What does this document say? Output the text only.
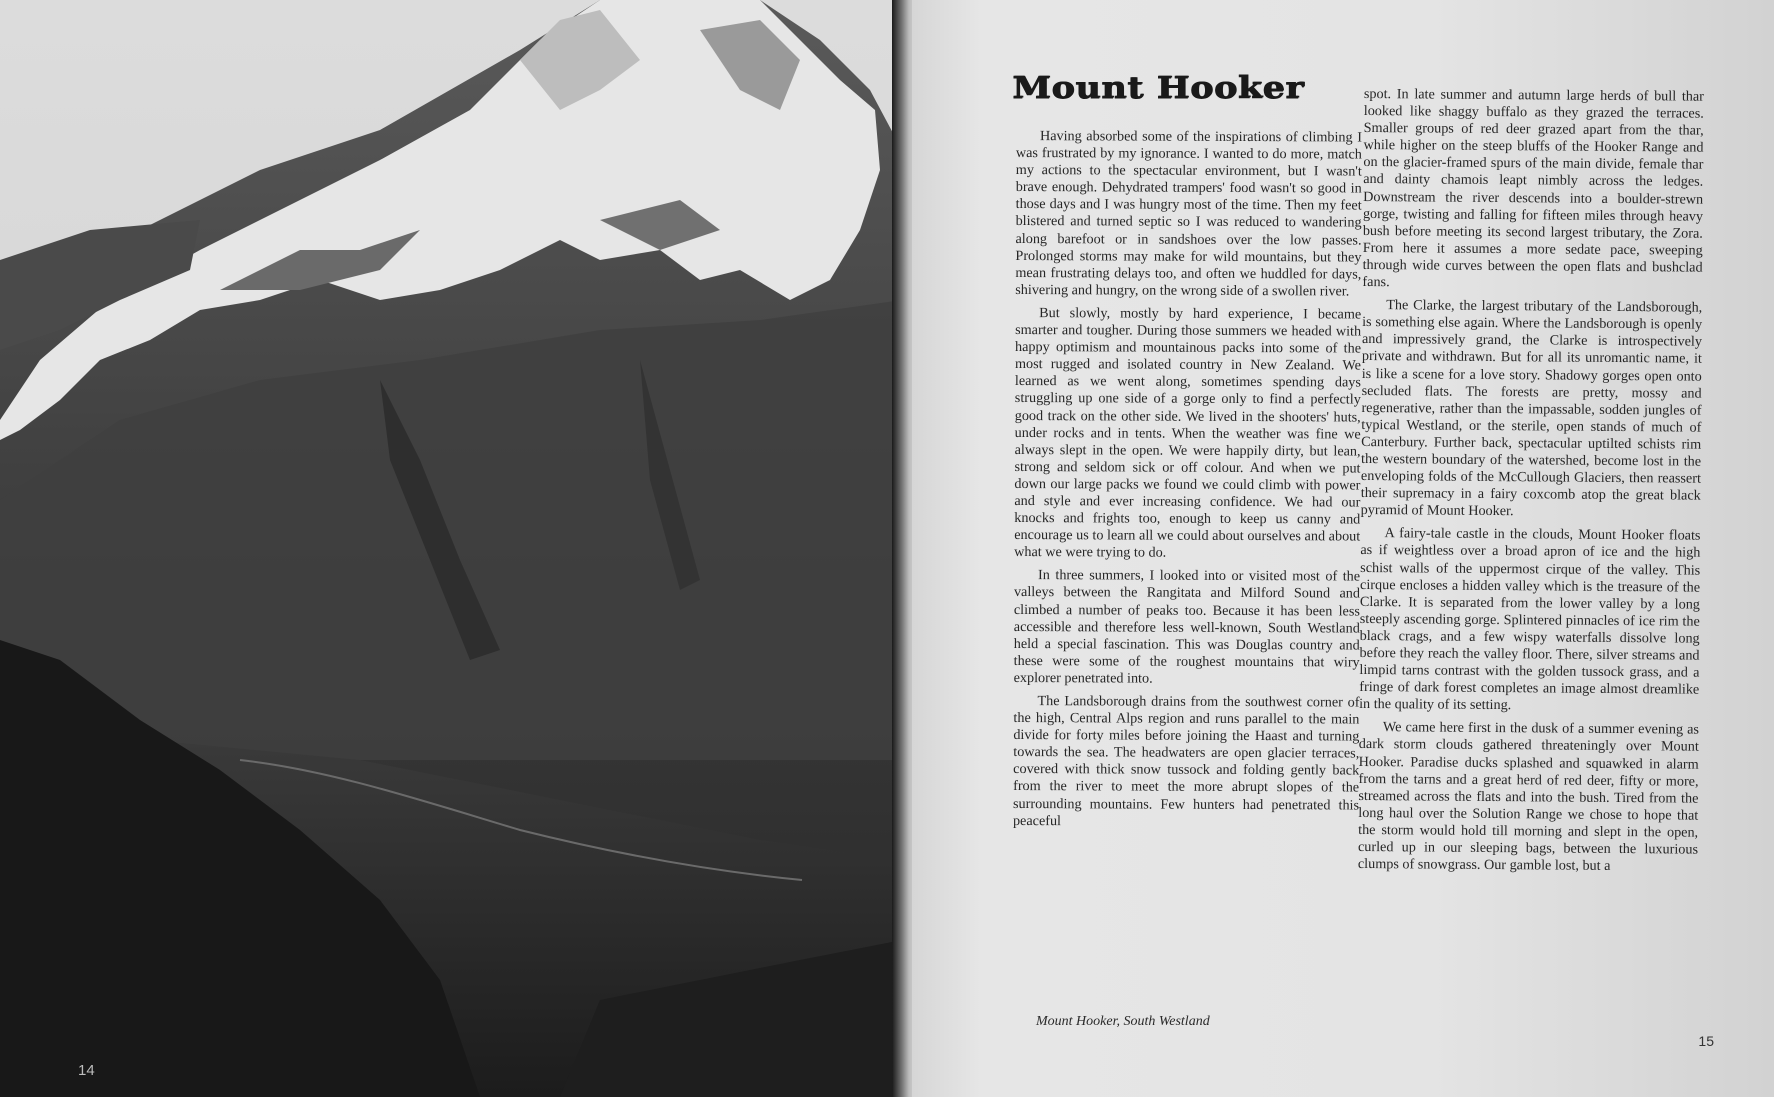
14
Mount Hooker

Having absorbed some of the inspirations of climbing I was frustrated by my ignorance. I wanted to do more, match my actions to the spectacular environment, but I wasn't brave enough. Dehydrated trampers' food wasn't so good in those days and I was hungry most of the time. Then my feet blistered and turned septic so I was reduced to wandering along barefoot or in sandshoes over the low passes. Prolonged storms may make for wild mountains, but they mean frustrating delays too, and often we huddled for days, shivering and hungry, on the wrong side of a swollen river.

But slowly, mostly by hard experience, I became smarter and tougher. During those summers we headed with happy optimism and mountainous packs into some of the most rugged and isolated country in New Zealand. We learned as we went along, sometimes spending days struggling up one side of a gorge only to find a perfectly good track on the other side. We lived in the shooters' huts, under rocks and in tents. When the weather was fine we always slept in the open. We were happily dirty, but lean, strong and seldom sick or off colour. And when we put down our large packs we found we could climb with power and style and ever increasing confidence. We had our knocks and frights too, enough to keep us canny and encourage us to learn all we could about ourselves and about what we were trying to do.

In three summers, I looked into or visited most of the valleys between the Rangitata and Milford Sound and climbed a number of peaks too. Because it has been less accessible and therefore less well-known, South Westland held a special fascination. This was Douglas country and these were some of the roughest mountains that wiry explorer penetrated into.

The Landsborough drains from the southwest corner of the high, Central Alps region and runs parallel to the main divide for forty miles before joining the Haast and turning towards the sea. The headwaters are open glacier terraces, covered with thick snow tussock and folding gently back from the river to meet the more abrupt slopes of the surrounding mountains. Few hunters had penetrated this peaceful

spot. In late summer and autumn large herds of bull thar looked like shaggy buffalo as they grazed the terraces. Smaller groups of red deer grazed apart from the thar, while higher on the steep bluffs of the Hooker Range and on the glacier-framed spurs of the main divide, female thar and dainty chamois leapt nimbly across the ledges. Downstream the river descends into a boulder-strewn gorge, twisting and falling for fifteen miles through heavy bush before meeting its second largest tributary, the Zora. From here it assumes a more sedate pace, sweeping through wide curves between the open flats and bushclad fans.

The Clarke, the largest tributary of the Landsborough, is something else again. Where the Landsborough is openly and impressively grand, the Clarke is introspectively private and withdrawn. But for all its unromantic name, it is like a scene for a love story. Shadowy gorges open onto secluded flats. The forests are pretty, mossy and regenerative, rather than the impassable, sodden jungles of typical Westland, or the sterile, open stands of much of Canterbury. Further back, spectacular uptilted schists rim the western boundary of the watershed, become lost in the enveloping folds of the McCullough Glaciers, then reassert their supremacy in a fairy coxcomb atop the great black pyramid of Mount Hooker.

A fairy-tale castle in the clouds, Mount Hooker floats as if weightless over a broad apron of ice and the high schist walls of the uppermost cirque of the valley. This cirque encloses a hidden valley which is the treasure of the Clarke. It is separated from the lower valley by a long steeply ascending gorge. Splintered pinnacles of ice rim the black crags, and a few wispy waterfalls dissolve long before they reach the valley floor. There, silver streams and limpid tarns contrast with the golden tussock grass, and a fringe of dark forest completes an image almost dreamlike in the quality of its setting.

We came here first in the dusk of a summer evening as dark storm clouds gathered threateningly over Mount Hooker. Paradise ducks splashed and squawked in alarm from the tarns and a great herd of red deer, fifty or more, streamed across the flats and into the bush. Tired from the long haul over the Solution Range we chose to hope that the storm would hold till morning and slept in the open, curled up in our sleeping bags, between the luxurious clumps of snowgrass. Our gamble lost, but a

Mount Hooker, South Westland

15
